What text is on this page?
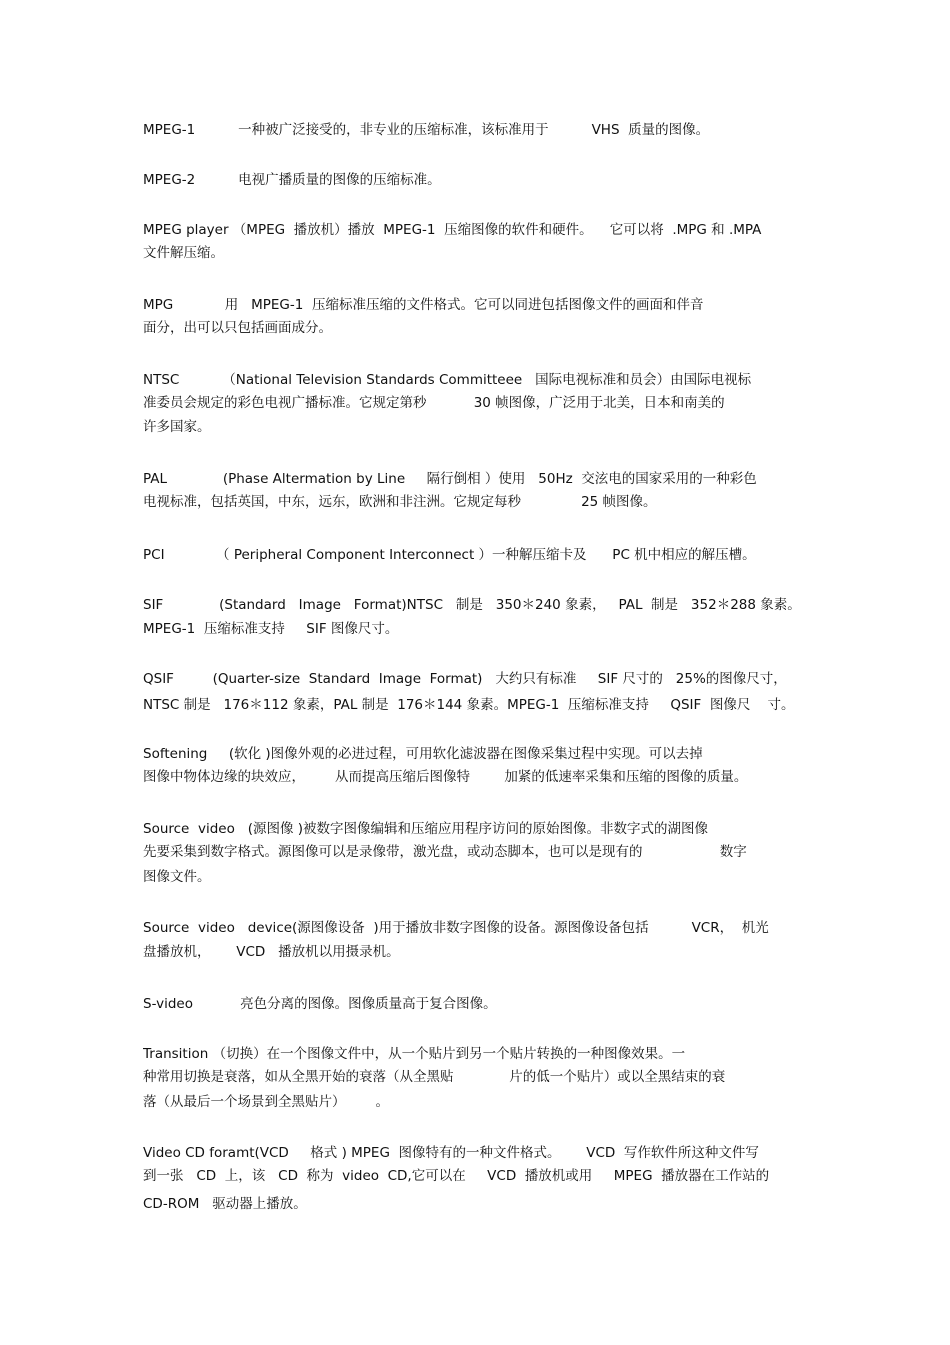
MPEG-1          一种被广泛接受的，非专业的压缩标准，该标准用于          VHS  质量的图像。
MPEG-2          电视广播质量的图像的压缩标准。
MPEG player （MPEG  播放机）播放  MPEG-1  压缩图像的软件和硬件。    它可以将  .MPG 和 .MPA
文件解压缩。
MPG            用   MPEG-1  压缩标准压缩的文件格式。它可以同进包括图像文件的画面和伴音
面分，出可以只包括画面成分。
NTSC          （National Television Standards Committeee   国际电视标准和员会）由国际电视标
准委员会规定的彩色电视广播标准。它规定第秒           30 帧图像，广泛用于北美，日本和南美的
许多国家。
PAL             (Phase Altermation by Line     隔行倒相 ）使用   50Hz  交泫电的国家采用的一种彩色
电视标准，包括英国，中东，远东，欧洲和非注洲。它规定每秒              25 帧图像。
PCI            （ Peripheral Component Interconnect ）一种解压缩卡及      PC 机中相应的解压槽。
SIF             (Standard   Image   Format)NTSC   制是   350＊240 象素，   PAL  制是   352＊288 象素。
MPEG-1  压缩标准支持     SIF 图像尺寸。
QSIF         (Quarter-size  Standard  Image  Format)   大约只有标准     SIF 尺寸的   25%的图像尺寸，
NTSC 制是   176＊112 象素，PAL 制是  176＊144 象素。MPEG-1  压缩标准支持     QSIF  图像尺    寸。
Softening     (软化 )图像外观的必进过程，可用软化滤波器在图像采集过程中实现。可以去掉
图像中物体边缘的块效应，       从而提高压缩后图像特        加紧的低速率采集和压缩的图像的质量。
Source  video   (源图像 )被数字图像编辑和压缩应用程序访问的原始图像。非数字式的湖图像
先要采集到数字格式。源图像可以是录像带，激光盘，或动态脚本，也可以是现有的                  数字
图像文件。
Source  video   device(源图像设备  )用于播放非数字图像的设备。源图像设备包括          VCR，  机光
盘播放机，      VCD   播放机以用摄录机。
S-video           亮色分离的图像。图像质量高于复合图像。
Transition （切换）在一个图像文件中，从一个贴片到另一个贴片转换的一种图像效果。一
种常用切换是衰落，如从全黑开始的衰落（从全黑贴             片的低一个贴片）或以全黑结束的衰
落（从最后一个场景到全黑贴片）       。
Video CD foramt(VCD     格式 ) MPEG  图像特有的一种文件格式。      VCD  写作软件所这种文件写
到一张   CD  上，该   CD  称为  video  CD,它可以在     VCD  播放机或用     MPEG  播放器在工作站的
CD-ROM   驱动器上播放。
